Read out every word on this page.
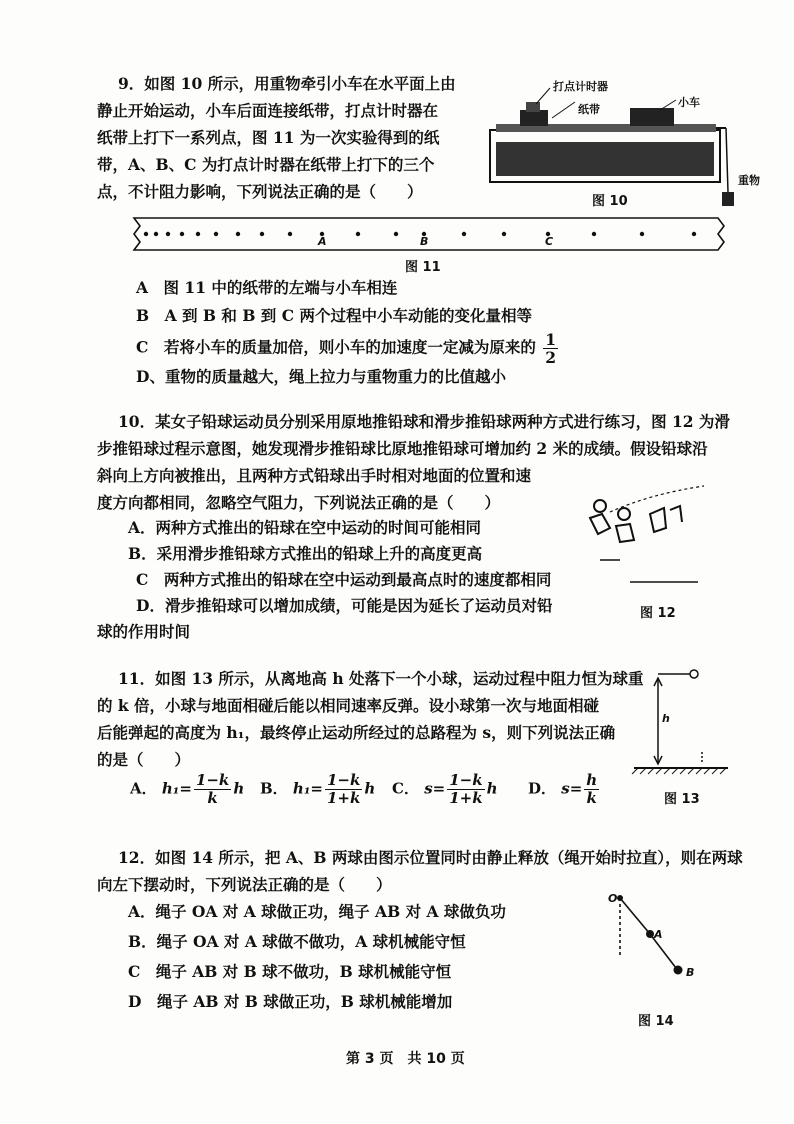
9．如图 10 所示，用重物牵引小车在水平面上由
静止开始运动，小车后面连接纸带，打点计时器在
纸带上打下一系列点，图 11 为一次实验得到的纸
带，A、B、C 为打点计时器在纸带上打下的三个
点，不计阻力影响，下列说法正确的是（　　）
打点计时器
纸带
小车
重物
图 10
A	B	C
图 11
A　图 11 中的纸带的左端与小车相连
B　A 到 B 和 B 到 C 两个过程中小车动能的变化量相等
C　若将小车的质量加倍，则小车的加速度一定减为原来的 $\frac{1}{2}$
D、重物的质量越大，绳上拉力与重物重力的比值越小
10．某女子铅球运动员分别采用原地推铅球和滑步推铅球两种方式进行练习，图 12 为滑
步推铅球过程示意图，她发现滑步推铅球比原地推铅球可增加约 2 米的成绩。假设铅球沿
斜向上方向被推出，且两种方式铅球出手时相对地面的位置和速
度方向都相同，忽略空气阻力，下列说法正确的是（　　）
A．两种方式推出的铅球在空中运动的时间可能相同
B．采用滑步推铅球方式推出的铅球上升的高度更高
C　两种方式推出的铅球在空中运动到最高点时的速度都相同
D．滑步推铅球可以增加成绩，可能是因为延长了运动员对铅
球的作用时间
图 12
11．如图 13 所示，从离地高 h 处落下一个小球，运动过程中阻力恒为球重
的 k 倍，小球与地面相碰后能以相同速率反弹。设小球第一次与地面相碰
后能弹起的高度为 h₁，最终停止运动所经过的总路程为 s，则下列说法正确
的是（　　）
A． $h_1= \frac{1-k}{k}$ h B． $h_1= \frac{1-k}{1+k}$ h C． $s= \frac{1-k}{1+k}$ h D． $s= \frac{h}{k}$
h
图 13
12．如图 14 所示，把 A、B 两球由图示位置同时由静止释放（绳开始时拉直），则在两球
向左下摆动时，下列说法正确的是（　　）
A．绳子 OA 对 A 球做正功，绳子 AB 对 A 球做负功
B．绳子 OA 对 A 球做不做功，A 球机械能守恒
C　绳子 AB 对 B 球不做功，B 球机械能守恒
D　绳子 AB 对 B 球做正功，B 球机械能增加
O
A
B
图 14
第 3 页　共 10 页
